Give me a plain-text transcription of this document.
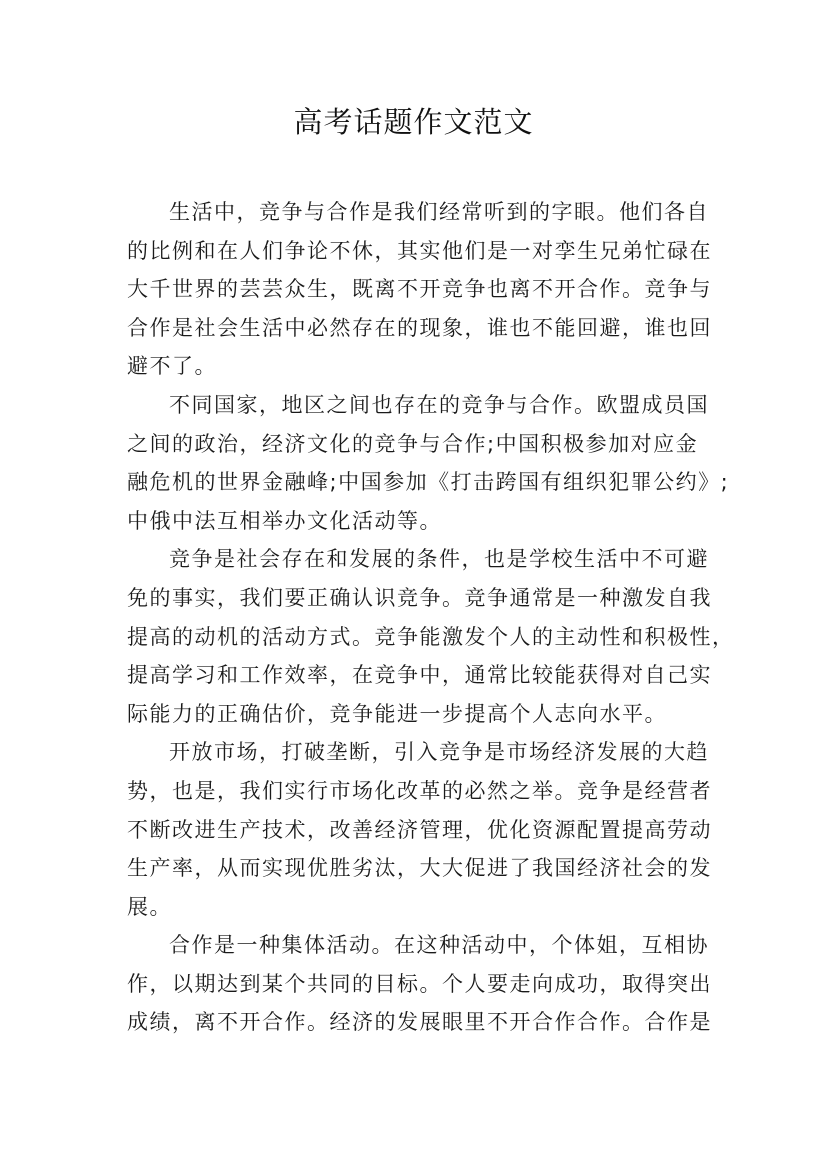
高考话题作文范文

生活中，竞争与合作是我们经常听到的字眼。他们各自
的比例和在人们争论不休，其实他们是一对孪生兄弟忙碌在
大千世界的芸芸众生，既离不开竞争也离不开合作。竞争与
合作是社会生活中必然存在的现象，谁也不能回避，谁也回
避不了。

不同国家，地区之间也存在的竞争与合作。欧盟成员国
之间的政治，经济文化的竞争与合作;中国积极参加对应金
融危机的世界金融峰;中国参加《打击跨国有组织犯罪公约》;
中俄中法互相举办文化活动等。

竞争是社会存在和发展的条件，也是学校生活中不可避
免的事实，我们要正确认识竞争。竞争通常是一种激发自我
提高的动机的活动方式。竞争能激发个人的主动性和积极性，
提高学习和工作效率，在竞争中，通常比较能获得对自己实
际能力的正确估价，竞争能进一步提高个人志向水平。

开放市场，打破垄断，引入竞争是市场经济发展的大趋
势，也是，我们实行市场化改革的必然之举。竞争是经营者
不断改进生产技术，改善经济管理，优化资源配置提高劳动
生产率，从而实现优胜劣汰，大大促进了我国经济社会的发
展。

合作是一种集体活动。在这种活动中，个体姐，互相协
作，以期达到某个共同的目标。个人要走向成功，取得突出
成绩，离不开合作。经济的发展眼里不开合作合作。合作是
